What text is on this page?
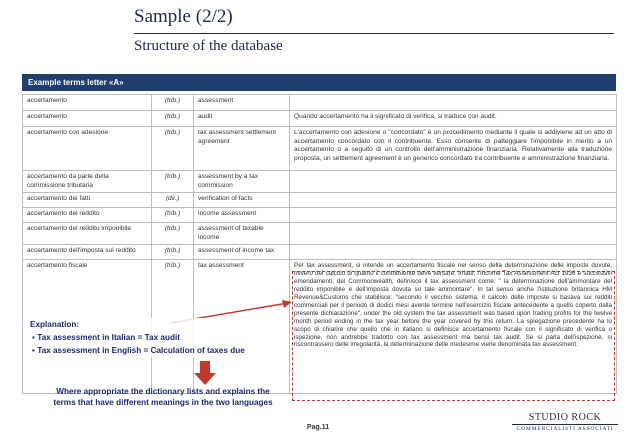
Sample (2/2)
Structure of the database
Example terms letter «A»
accertamento	(trib.)	assessment	
accertamento	(trib.)	audit	Quando accertamento ha il significato di verifica, si traduce con audit.
accertamento con adesione	(trib.)	tax assessment settlement agreement	L'accertamento con adesione o "concordato" è un procedimento mediante il quale si addiviene ad un atto di accertamento concordato con il contribuente. Esso consente di patteggiare l'imponibile in merito a un accertamento o a seguito di un controllo dell'amministrazione finanziaria. Relativamente alla traduzione proposta, un settlement agreement è un generico concordato tra contribuente e amministrazione finanziaria.
accertamento da parte della commissione tributaria	(trib.)	assessment by a tax commission	
accertamento dei fatti	(dir.)	verification of facts	
accertamento del reddito	(trib.)	income assessment	
accertamento del reddito imponibile	(trib.)	assessment of taxable income	
accertamento dell'imposta sul reddito	(trib.)	assessment of income tax	
accertamento fiscale	(trib.)	tax assessment	Per tax assessment, si intende un accertamento fiscale nel senso della determinazione delle imposte dovute, ovvero del calcolo di quanto il contribuente deve versare. Infatti, l'Income Tax Assessment Act 1936 e successivi emendamenti, del Commonwealth, definisce il tax assessment come: " la determinazione dell'ammontare del reddito imponibile e dell'imposta dovuta su tale ammontare". In tal senso anche l'istituzione britannica HM Revenue&Customs che stabilisce: "secondo il vecchio sistema, il calcolo delle imposte si basava sui redditi commerciali per il periodo di dodici mesi avente termine nell'esercizio fiscale antecedente a quello coperto dalla presente dichiarazione", under the old system the tax assessment was based upon trading profits for the twelve month period ending in the tax year before the year covered by this return. La spiegazione precedente ha lo scopo di chiarire che quello che in italiano si definisce accertamento fiscale con il significato di verifica o ispezione, non andrebbe tradotto con tax assessment ma bensì tax audit. Se si parla dell'ispezione, si riscontrassero delle irregolarità, la determinazione delle medesime viene denominata tax assessment.
Explanation:
▪ Tax assessment in Italian = Tax audit
▪ Tax assessment in English = Calculation of taxes due
Where appropriate the dictionary lists and explains the terms that have different meanings in the two languages
Pag.11
STUDIO ROCK
COMMERCIALISTI ASSOCIATI
